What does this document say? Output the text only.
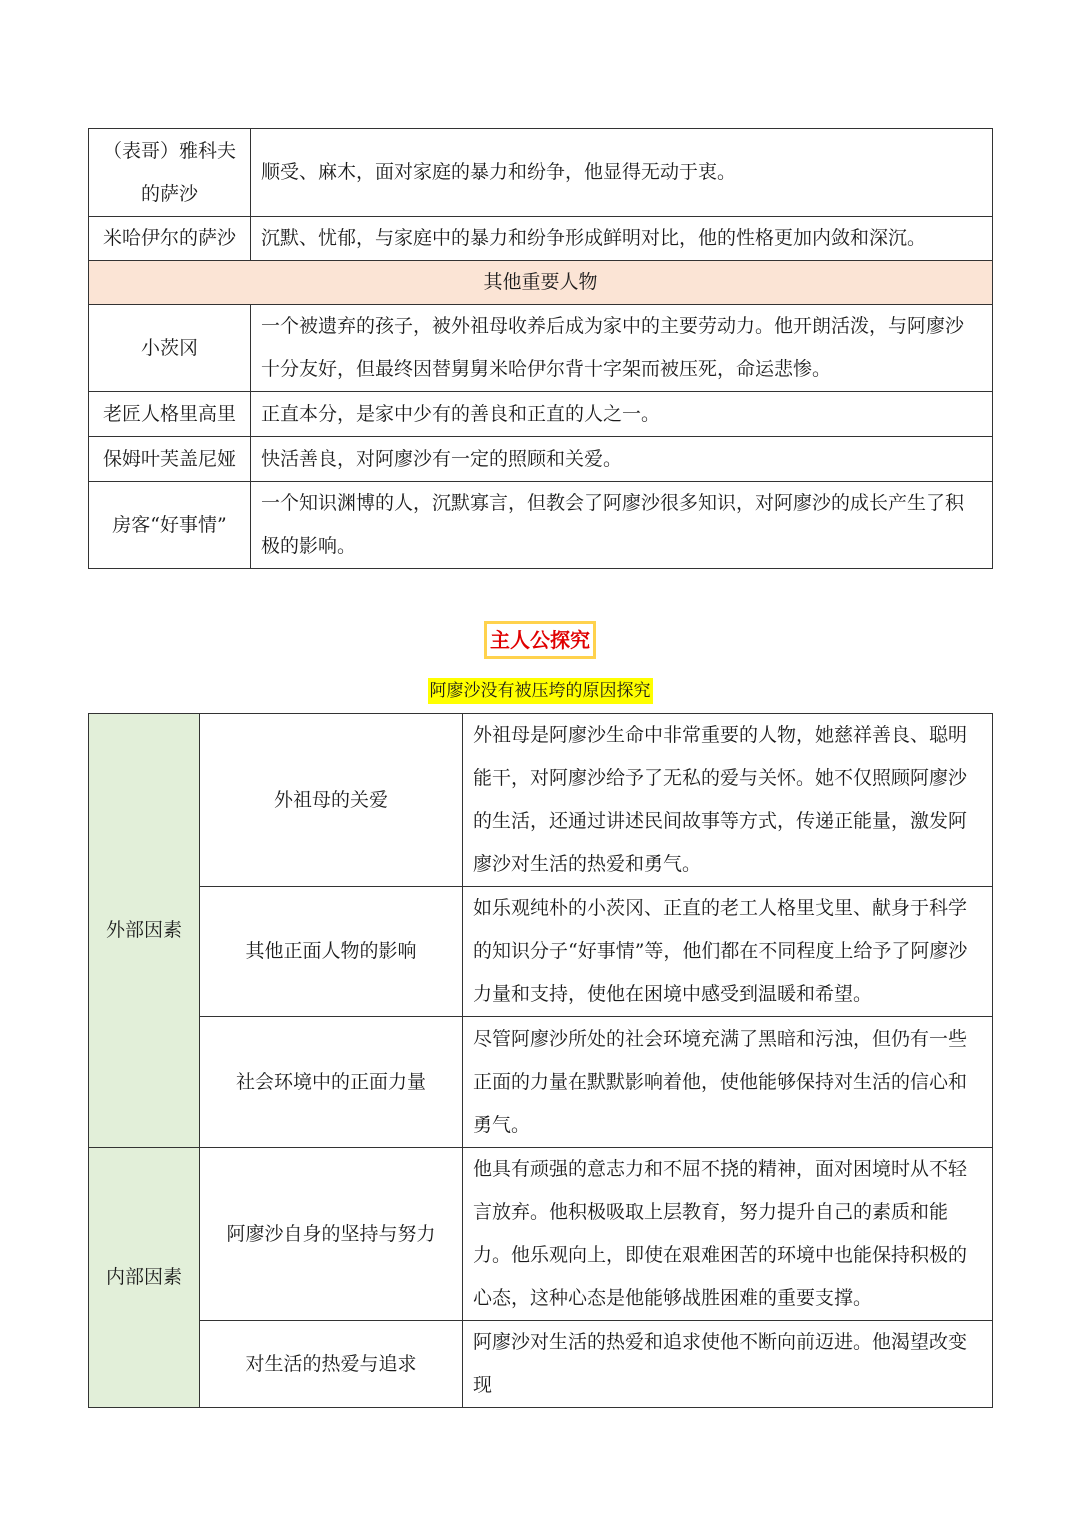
（表哥）雅科夫的萨沙	顺受、麻木，面对家庭的暴力和纷争，他显得无动于衷。
米哈伊尔的萨沙	沉默、忧郁，与家庭中的暴力和纷争形成鲜明对比，他的性格更加内敛和深沉。
其他重要人物	
小茨冈	一个被遗弃的孩子，被外祖母收养后成为家中的主要劳动力。他开朗活泼，与阿廖沙十分友好，但最终因替舅舅米哈伊尔背十字架而被压死，命运悲惨。
老匠人格里高里	正直本分，是家中少有的善良和正直的人之一。
保姆叶芙盖尼娅	快活善良，对阿廖沙有一定的照顾和关爱。
房客“好事情”	一个知识渊博的人，沉默寡言，但教会了阿廖沙很多知识，对阿廖沙的成长产生了积极的影响。
主人公探究
阿廖沙没有被压垮的原因探究
外部因素	外祖母的关爱	外祖母是阿廖沙生命中非常重要的人物，她慈祥善良、聪明能干，对阿廖沙给予了无私的爱与关怀。她不仅照顾阿廖沙的生活，还通过讲述民间故事等方式，传递正能量，激发阿廖沙对生活的热爱和勇气。
	其他正面人物的影响	如乐观纯朴的小茨冈、正直的老工人格里戈里、献身于科学的知识分子“好事情”等，他们都在不同程度上给予了阿廖沙力量和支持，使他在困境中感受到温暖和希望。
	社会环境中的正面力量	尽管阿廖沙所处的社会环境充满了黑暗和污浊，但仍有一些正面的力量在默默影响着他，使他能够保持对生活的信心和勇气。
内部因素	阿廖沙自身的坚持与努力	他具有顽强的意志力和不屈不挠的精神，面对困境时从不轻言放弃。他积极吸取上层教育，努力提升自己的素质和能力。他乐观向上，即使在艰难困苦的环境中也能保持积极的心态，这种心态是他能够战胜困难的重要支撑。
	对生活的热爱与追求	阿廖沙对生活的热爱和追求使他不断向前迈进。他渴望改变现
